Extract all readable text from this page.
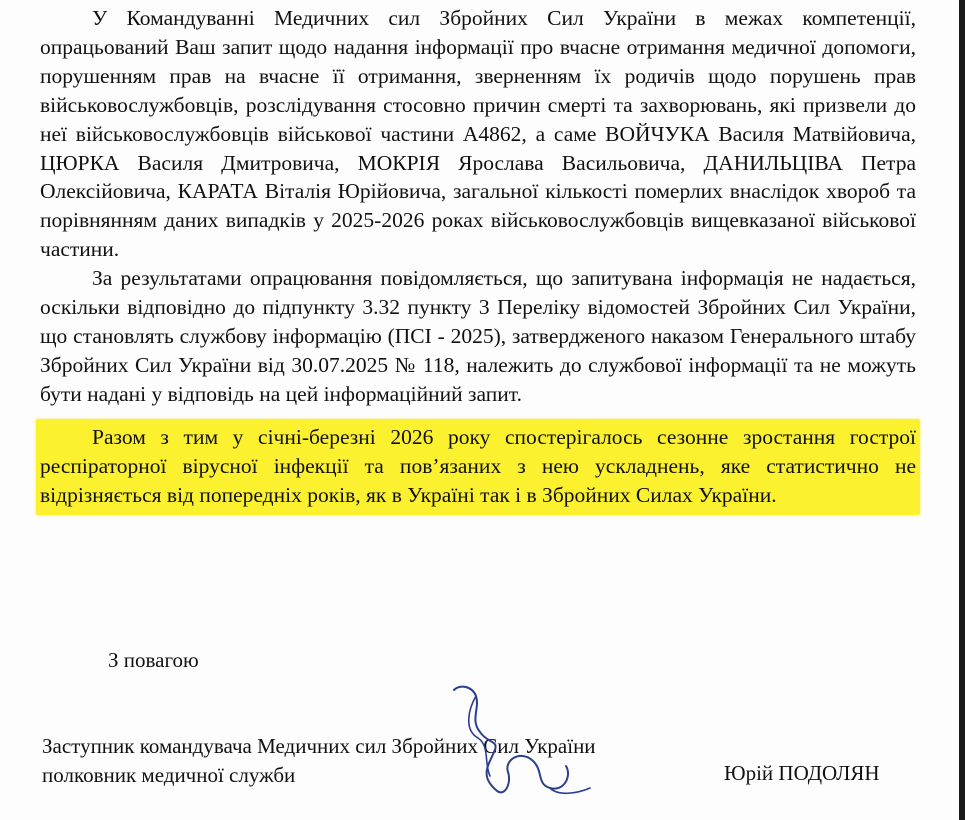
У Командуванні Медичних сил Збройних Сил України в межах компетенції, опрацьований Ваш запит щодо надання інформації про вчасне отримання медичної допомоги, порушенням прав на вчасне її отримання, зверненням їх родичів щодо порушень прав військовослужбовців, розслідування стосовно причин смерті та захворювань, які призвели до неї військовослужбовців військової частини А4862, а саме ВОЙЧУКА Василя Матвійовича, ЦЮРКА Василя Дмитровича, МОКРІЯ Ярослава Васильовича, ДАНИЛЬЦІВА Петра Олексійовича, КАРАТА Віталія Юрійовича, загальної кількості померлих внаслідок хвороб та порівнянням даних випадків у 2025-2026 роках військовослужбовців вищевказаної військової частини.

За результатами опрацювання повідомляється, що запитувана інформація не надається, оскільки відповідно до підпункту 3.32 пункту 3 Переліку відомостей Збройних Сил України, що становлять службову інформацію (ПСІ - 2025), затвердженого наказом Генерального штабу Збройних Сил України від 30.07.2025 № 118, належить до службової інформації та не можуть бути надані у відповідь на цей інформаційний запит.

Разом з тим у січні-березні 2026 року спостерігалось сезонне зростання гострої респіраторної вірусної інфекції та пов’язаних з нею ускладнень, яке статистично не відрізняється від попередніх років, як в Україні так і в Збройних Силах України.

З повагою
Заступник командувача Медичних сил Збройних Сил України
полковник медичної служби	Юрій ПОДОЛЯН
